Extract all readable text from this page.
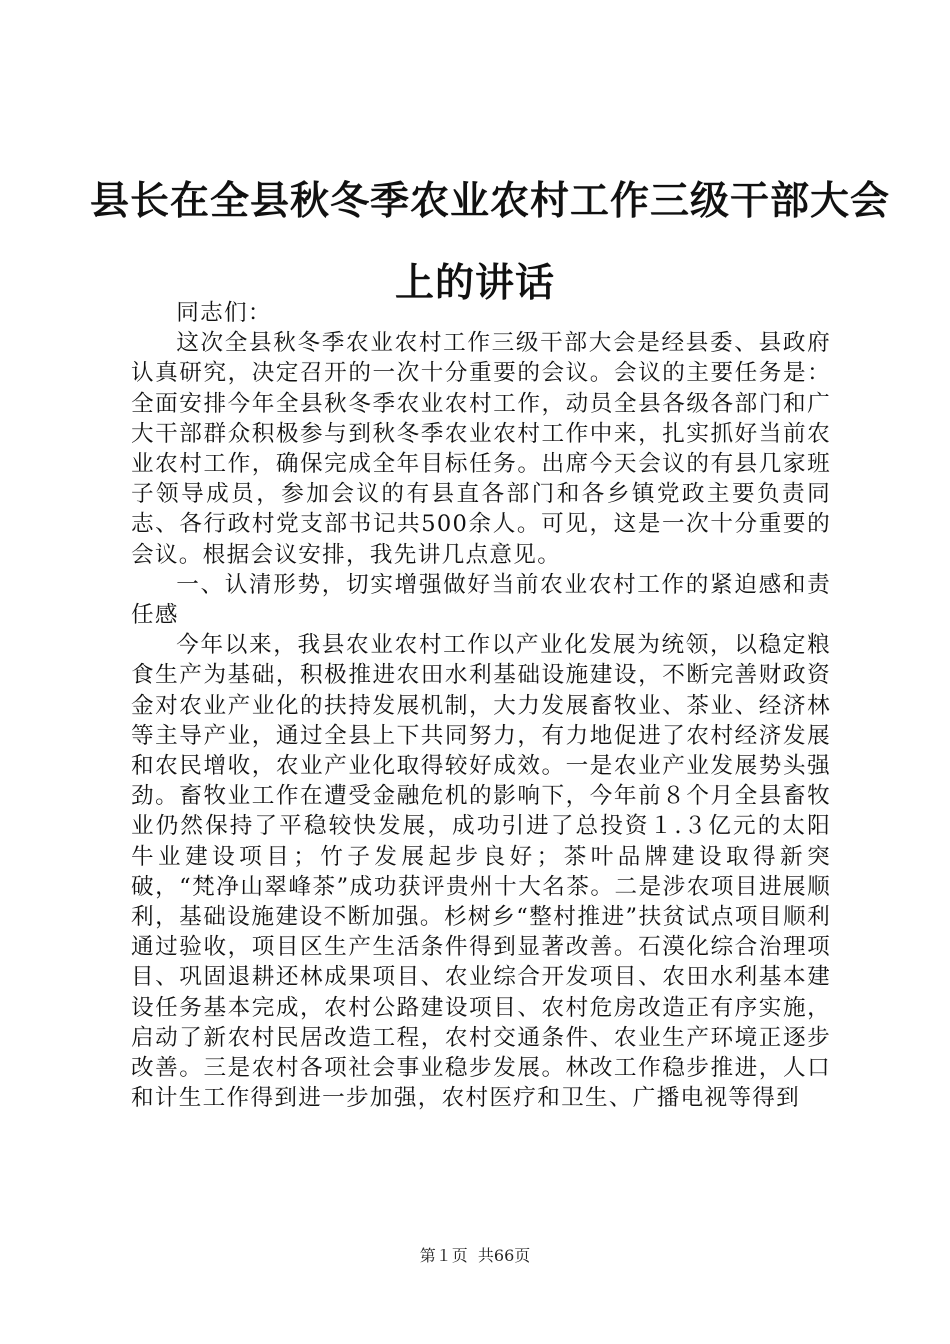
县长在全县秋冬季农业农村工作三级干部大会
上的讲话

同志们：

这次全县秋冬季农业农村工作三级干部大会是经县委、县政府认真研究，决定召开的一次十分重要的会议。会议的主要任务是：全面安排今年全县秋冬季农业农村工作，动员全县各级各部门和广大干部群众积极参与到秋冬季农业农村工作中来，扎实抓好当前农业农村工作，确保完成全年目标任务。出席今天会议的有县几家班子领导成员，参加会议的有县直各部门和各乡镇党政主要负责同志、各行政村党支部书记共500余人。可见，这是一次十分重要的会议。根据会议安排，我先讲几点意见。

一、认清形势，切实增强做好当前农业农村工作的紧迫感和责任感

今年以来，我县农业农村工作以产业化发展为统领，以稳定粮食生产为基础，积极推进农田水利基础设施建设，不断完善财政资金对农业产业化的扶持发展机制，大力发展畜牧业、茶业、经济林等主导产业，通过全县上下共同努力，有力地促进了农村经济发展和农民增收，农业产业化取得较好成效。一是农业产业发展势头强劲。畜牧业工作在遭受金融危机的影响下，今年前８个月全县畜牧业仍然保持了平稳较快发展，成功引进了总投资１.３亿元的太阳牛业建设项目；竹子发展起步良好；茶叶品牌建设取得新突破，“梵净山翠峰茶”成功获评贵州十大名茶。二是涉农项目进展顺利，基础设施建设不断加强。杉树乡“整村推进”扶贫试点项目顺利通过验收，项目区生产生活条件得到显著改善。石漠化综合治理项目、巩固退耕还林成果项目、农业综合开发项目、农田水利基本建设任务基本完成，农村公路建设项目、农村危房改造正有序实施，启动了新农村民居改造工程，农村交通条件、农业生产环境正逐步改善。三是农村各项社会事业稳步发展。林改工作稳步推进，人口和计生工作得到进一步加强，农村医疗和卫生、广播电视等得到

第１页  共66页
